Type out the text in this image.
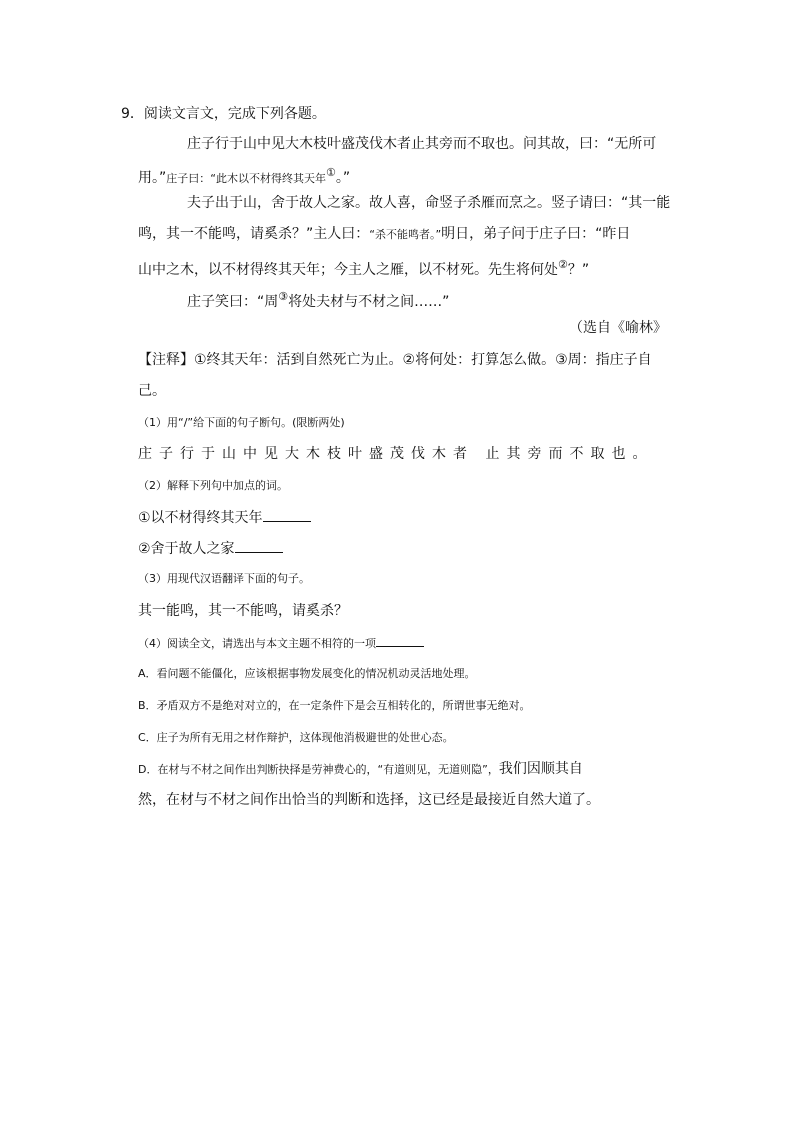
9．阅读文言文，完成下列各题。
庄子行于山中见大木枝叶盛茂伐木者止其旁而不取也。问其故，曰：“无所可
用。”庄子曰：“此木以不材得终其天年①。”
夫子出于山，舍于故人之家。故人喜，命竖子杀雁而烹之。竖子请曰：“其一能
鸣，其一不能鸣，请奚杀？”主人曰：“杀不能鸣者。”明日，弟子问于庄子曰：“昨日
山中之木，以不材得终其天年；今主人之雁，以不材死。先生将何处②？”
庄子笑曰：“周③将处夫材与不材之间……”
（选自《喻林》
【注释】①终其天年：活到自然死亡为止。②将何处：打算怎么做。③周：指庄子自
己。
（1）用“/”给下面的句子断句。(限断两处)
庄子行于山中见大木枝叶盛茂伐木者 止其旁而不取也。
（2）解释下列句中加点的词。
①以不材得终其天年
②舍于故人之家
（3）用现代汉语翻译下面的句子。
其一能鸣，其一不能鸣，请奚杀？
（4）阅读全文，请选出与本文主题不相符的一项
A．看问题不能僵化，应该根据事物发展变化的情况机动灵活地处理。
B．矛盾双方不是绝对对立的，在一定条件下是会互相转化的，所谓世事无绝对。
C．庄子为所有无用之材作辩护，这体现他消极避世的处世心态。
D．在材与不材之间作出判断抉择是劳神费心的，“有道则见，无道则隐”，我们因顺其自
然，在材与不材之间作出恰当的判断和选择，这已经是最接近自然大道了。
